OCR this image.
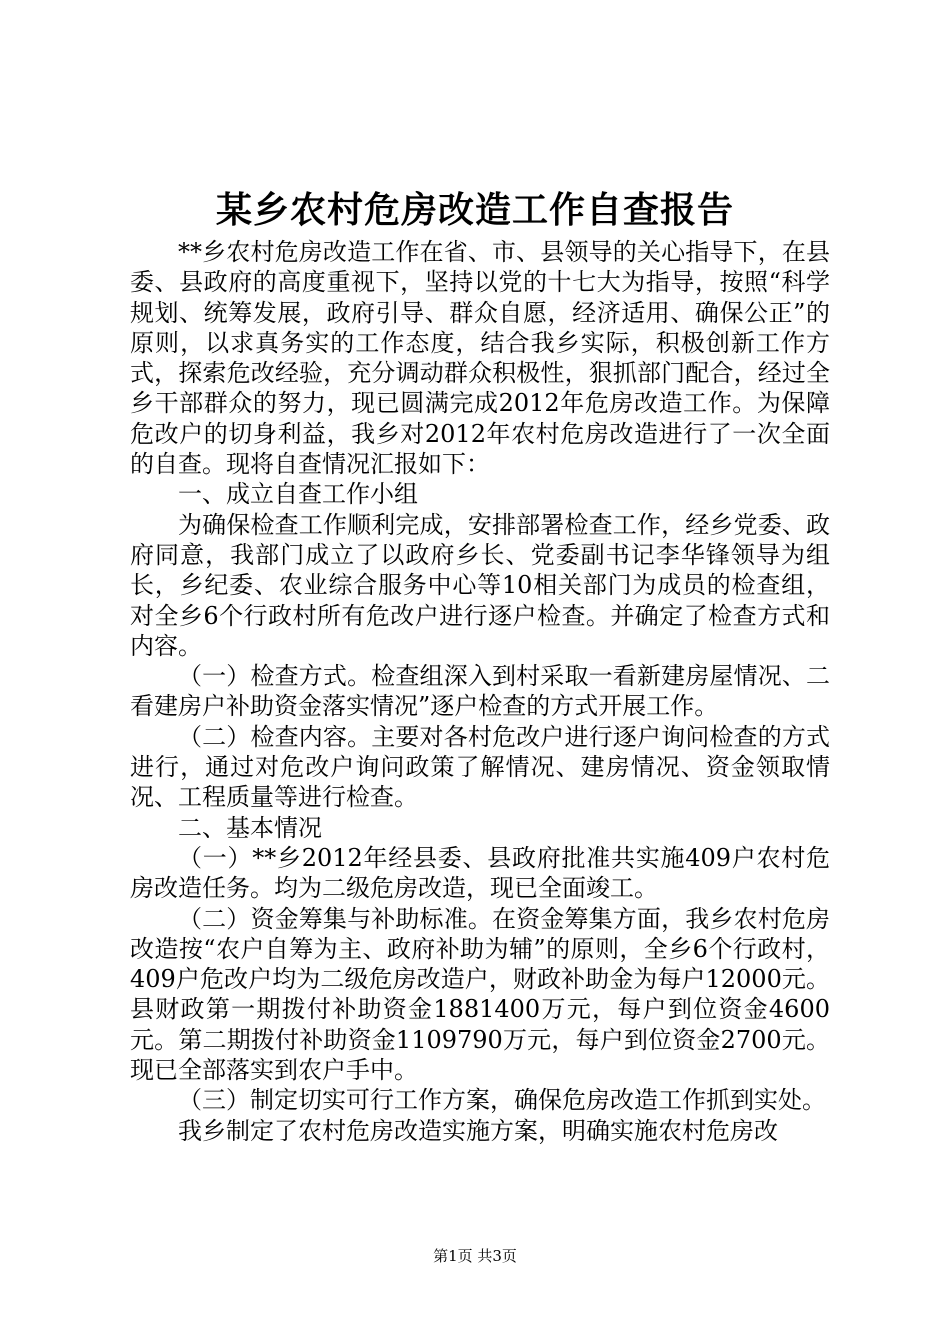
某乡农村危房改造工作自查报告

**乡农村危房改造工作在省、市、县领导的关心指导下，在县委、县政府的高度重视下，坚持以党的十七大为指导，按照“科学规划、统筹发展，政府引导、群众自愿，经济适用、确保公正”的原则，以求真务实的工作态度，结合我乡实际，积极创新工作方式，探索危改经验，充分调动群众积极性，狠抓部门配合，经过全乡干部群众的努力，现已圆满完成2012年危房改造工作。为保障危改户的切身利益，我乡对2012年农村危房改造进行了一次全面的自查。现将自查情况汇报如下：

一、成立自查工作小组

为确保检查工作顺利完成，安排部署检查工作，经乡党委、政府同意，我部门成立了以政府乡长、党委副书记李华锋领导为组长，乡纪委、农业综合服务中心等10相关部门为成员的检查组，对全乡6个行政村所有危改户进行逐户检查。并确定了检查方式和内容。

（一）检查方式。检查组深入到村采取一看新建房屋情况、二看建房户补助资金落实情况”逐户检查的方式开展工作。

（二）检查内容。主要对各村危改户进行逐户询问检查的方式进行，通过对危改户询问政策了解情况、建房情况、资金领取情况、工程质量等进行检查。

二、基本情况

（一）**乡2012年经县委、县政府批准共实施409户农村危房改造任务。均为二级危房改造，现已全面竣工。

（二）资金筹集与补助标准。在资金筹集方面，我乡农村危房改造按“农户自筹为主、政府补助为辅”的原则，全乡6个行政村，409户危改户均为二级危房改造户，财政补助金为每户12000元。县财政第一期拨付补助资金1881400万元，每户到位资金4600元。第二期拨付补助资金1109790万元，每户到位资金2700元。现已全部落实到农户手中。

（三）制定切实可行工作方案，确保危房改造工作抓到实处。

我乡制定了农村危房改造实施方案，明确实施农村危房改

第1页 共3页
